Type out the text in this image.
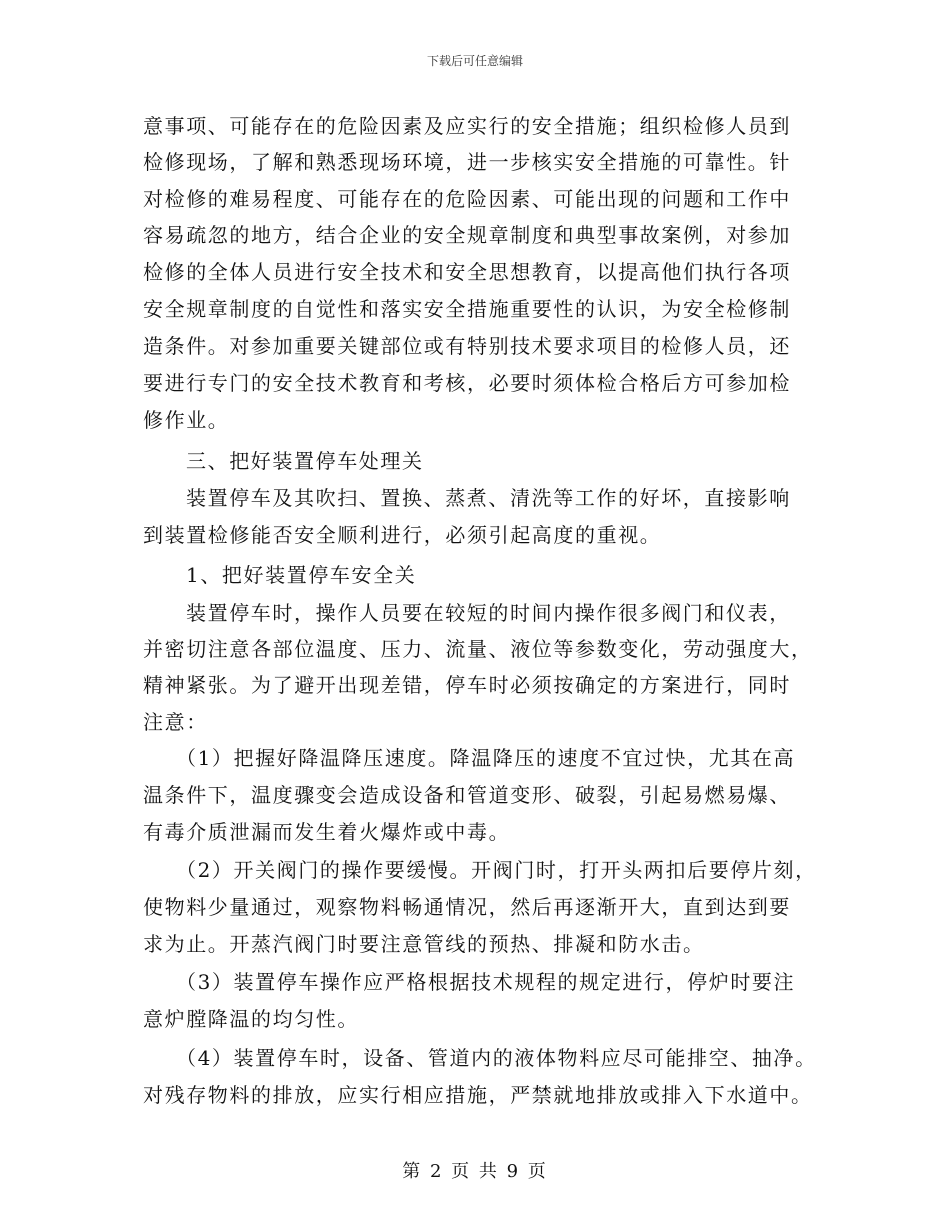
下载后可任意编辑
意事项、可能存在的危险因素及应实行的安全措施；组织检修人员到
检修现场，了解和熟悉现场环境，进一步核实安全措施的可靠性。针
对检修的难易程度、可能存在的危险因素、可能出现的问题和工作中
容易疏忽的地方，结合企业的安全规章制度和典型事故案例，对参加
检修的全体人员进行安全技术和安全思想教育，以提高他们执行各项
安全规章制度的自觉性和落实安全措施重要性的认识，为安全检修制
造条件。对参加重要关键部位或有特别技术要求项目的检修人员，还
要进行专门的安全技术教育和考核，必要时须体检合格后方可参加检
修作业。
三、把好装置停车处理关
装置停车及其吹扫、置换、蒸煮、清洗等工作的好坏，直接影响
到装置检修能否安全顺利进行，必须引起高度的重视。
1、把好装置停车安全关
装置停车时，操作人员要在较短的时间内操作很多阀门和仪表，
并密切注意各部位温度、压力、流量、液位等参数变化，劳动强度大，
精神紧张。为了避开出现差错，停车时必须按确定的方案进行，同时
注意：
（1）把握好降温降压速度。降温降压的速度不宜过快，尤其在高
温条件下，温度骤变会造成设备和管道变形、破裂，引起易燃易爆、
有毒介质泄漏而发生着火爆炸或中毒。
（2）开关阀门的操作要缓慢。开阀门时，打开头两扣后要停片刻，
使物料少量通过，观察物料畅通情况，然后再逐渐开大，直到达到要
求为止。开蒸汽阀门时要注意管线的预热、排凝和防水击。
（3）装置停车操作应严格根据技术规程的规定进行，停炉时要注
意炉膛降温的均匀性。
（4）装置停车时，设备、管道内的液体物料应尽可能排空、抽净。
对残存物料的排放，应实行相应措施，严禁就地排放或排入下水道中。
第 2 页 共 9 页
